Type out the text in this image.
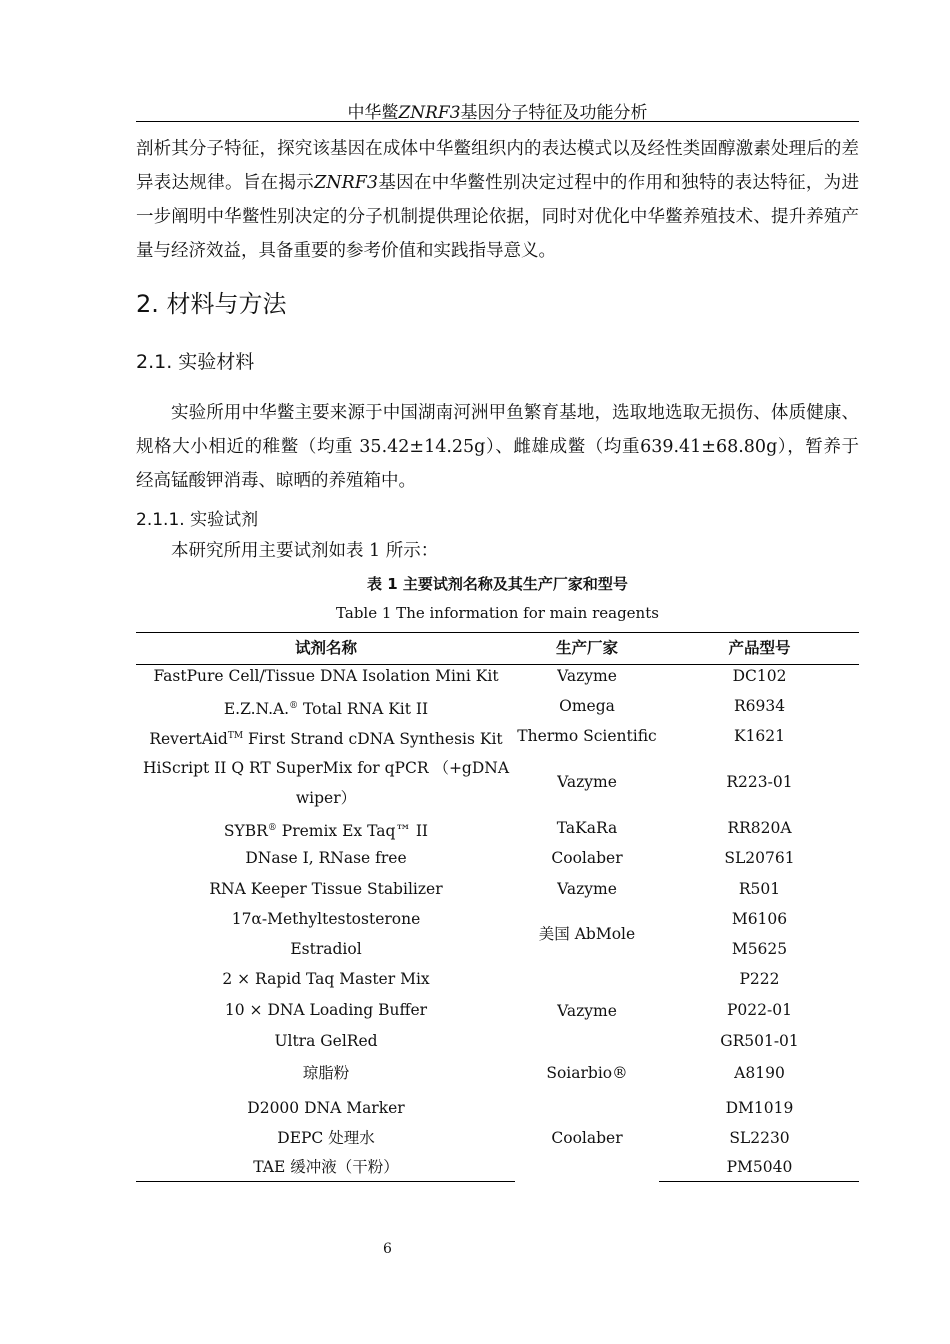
中华鳖ZNRF3基因分子特征及功能分析
剖析其分子特征，探究该基因在成体中华鳖组织内的表达模式以及经性类固醇激素处理后的差异表达规律。旨在揭示ZNRF3基因在中华鳖性别决定过程中的作用和独特的表达特征，为进一步阐明中华鳖性别决定的分子机制提供理论依据，同时对优化中华鳖养殖技术、提升养殖产量与经济效益，具备重要的参考价值和实践指导意义。
2. 材料与方法
2.1. 实验材料
实验所用中华鳖主要来源于中国湖南河洲甲鱼繁育基地，选取地选取无损伤、体质健康、规格大小相近的稚鳖（均重 35.42±14.25g）、雌雄成鳖（均重639.41±68.80g），暂养于经高锰酸钾消毒、晾晒的养殖箱中。
2.1.1. 实验试剂
本研究所用主要试剂如表 1 所示：
表 1 主要试剂名称及其生产厂家和型号
Table 1 The information for main reagents
试剂名称	生产厂家	产品型号
FastPure Cell/Tissue DNA Isolation Mini Kit
E.Z.N.A.® Total RNA Kit II
RevertAid™ First Strand cDNA Synthesis Kit
HiScript II Q RT SuperMix for qPCR （+gDNA
wiper）
SYBR® Premix Ex Taq™ II
DNase I, RNase free
RNA Keeper Tissue Stabilizer
17α-Methyltestosterone
Estradiol
2 × Rapid Taq Master Mix
10 × DNA Loading Buffer
Ultra GelRed
琼脂粉
D2000 DNA Marker
DEPC 处理水
TAE 缓冲液（干粉）
Vazyme
Omega
Thermo Scientific
Vazyme
TaKaRa
Coolaber
Vazyme
美国 AbMole
Vazyme
Soiarbio®
Coolaber
DC102
R6934
K1621
R223-01
RR820A
SL20761
R501
M6106
M5625
P222
P022-01
GR501-01
A8190
DM1019
SL2230
PM5040
6
